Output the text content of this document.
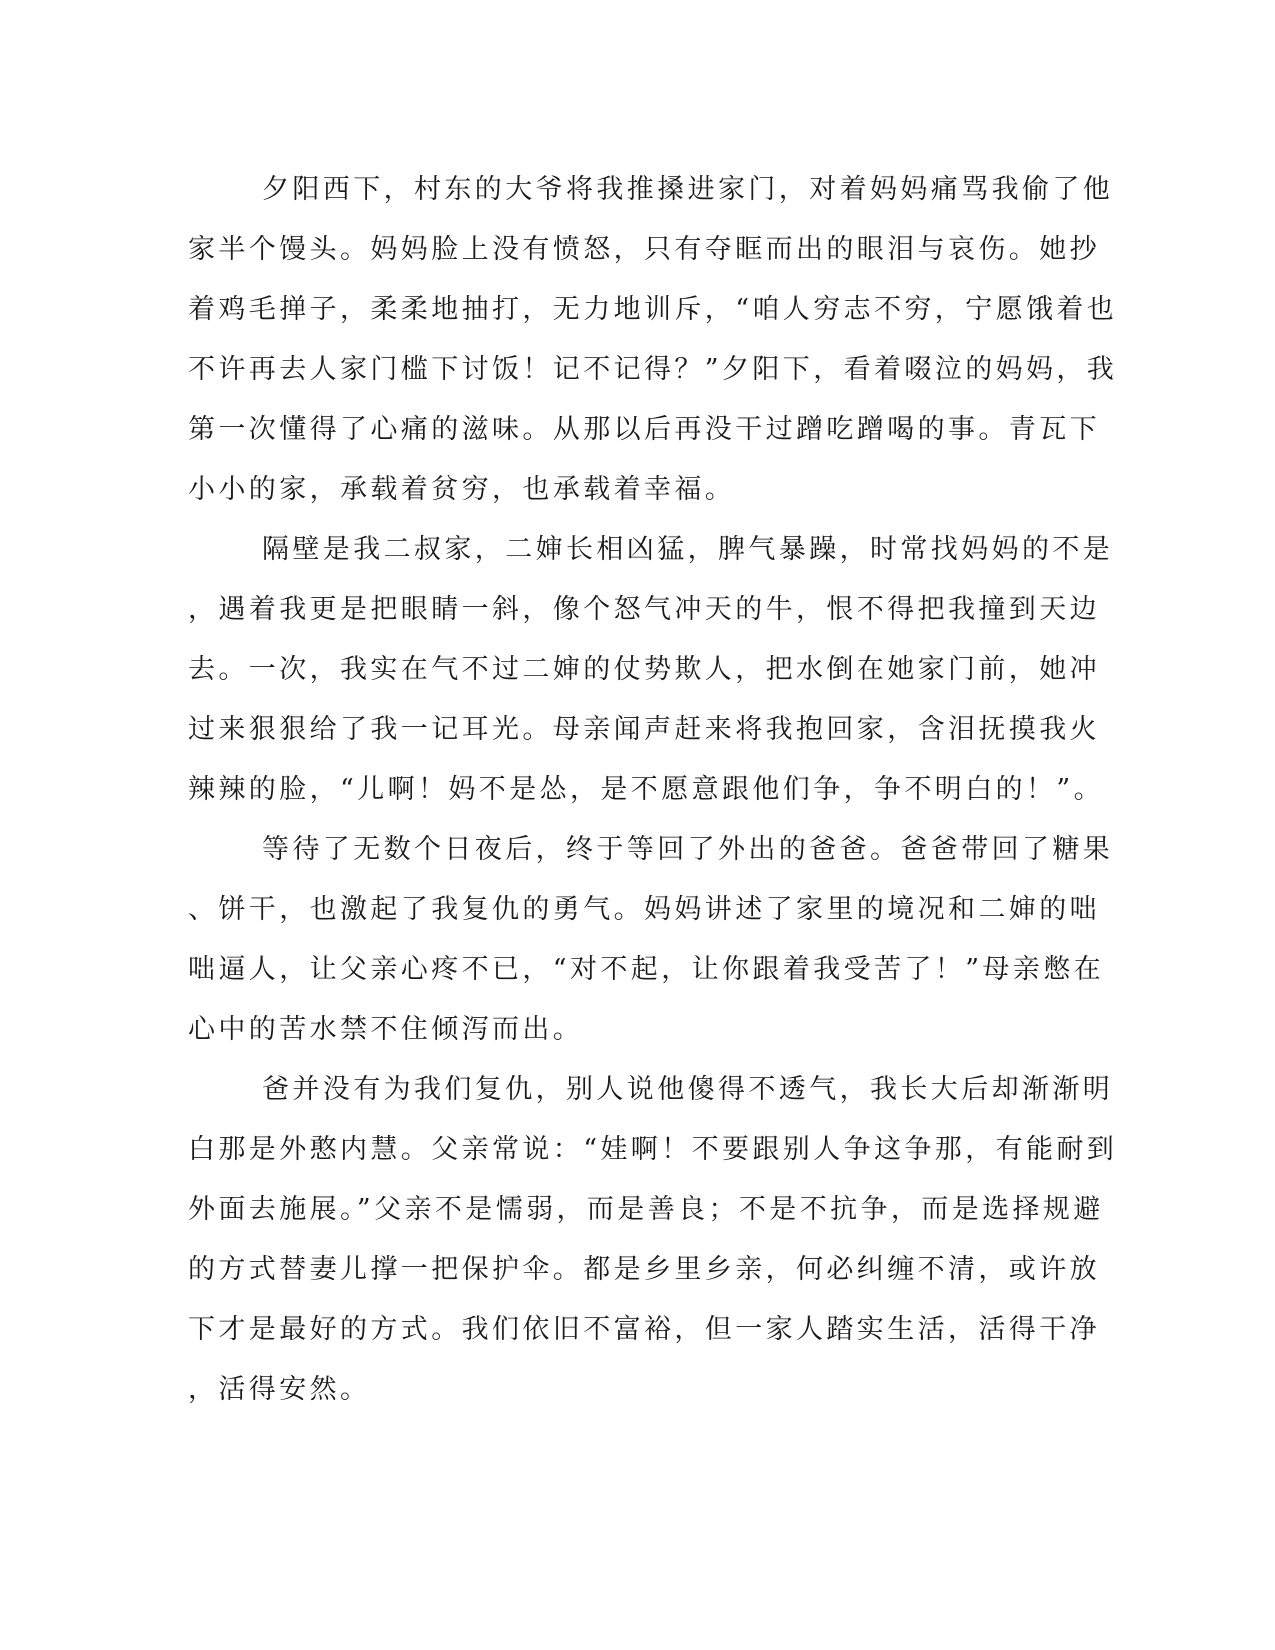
夕阳西下，村东的大爷将我推搡进家门，对着妈妈痛骂我偷了他
家半个馒头。妈妈脸上没有愤怒，只有夺眶而出的眼泪与哀伤。她抄
着鸡毛掸子，柔柔地抽打，无力地训斥，“咱人穷志不穷，宁愿饿着也
不许再去人家门槛下讨饭！记不记得？”夕阳下，看着啜泣的妈妈，我
第一次懂得了心痛的滋味。从那以后再没干过蹭吃蹭喝的事。青瓦下
小小的家，承载着贫穷，也承载着幸福。
隔壁是我二叔家，二婶长相凶猛，脾气暴躁，时常找妈妈的不是
，遇着我更是把眼睛一斜，像个怒气冲天的牛，恨不得把我撞到天边
去。一次，我实在气不过二婶的仗势欺人，把水倒在她家门前，她冲
过来狠狠给了我一记耳光。母亲闻声赶来将我抱回家，含泪抚摸我火
辣辣的脸，“儿啊！妈不是怂，是不愿意跟他们争，争不明白的！”。
等待了无数个日夜后，终于等回了外出的爸爸。爸爸带回了糖果
、饼干，也激起了我复仇的勇气。妈妈讲述了家里的境况和二婶的咄
咄逼人，让父亲心疼不已，“对不起，让你跟着我受苦了！”母亲憋在
心中的苦水禁不住倾泻而出。
爸并没有为我们复仇，别人说他傻得不透气，我长大后却渐渐明
白那是外憨内慧。父亲常说：“娃啊！不要跟别人争这争那，有能耐到
外面去施展。”父亲不是懦弱，而是善良；不是不抗争，而是选择规避
的方式替妻儿撑一把保护伞。都是乡里乡亲，何必纠缠不清，或许放
下才是最好的方式。我们依旧不富裕，但一家人踏实生活，活得干净
，活得安然。
